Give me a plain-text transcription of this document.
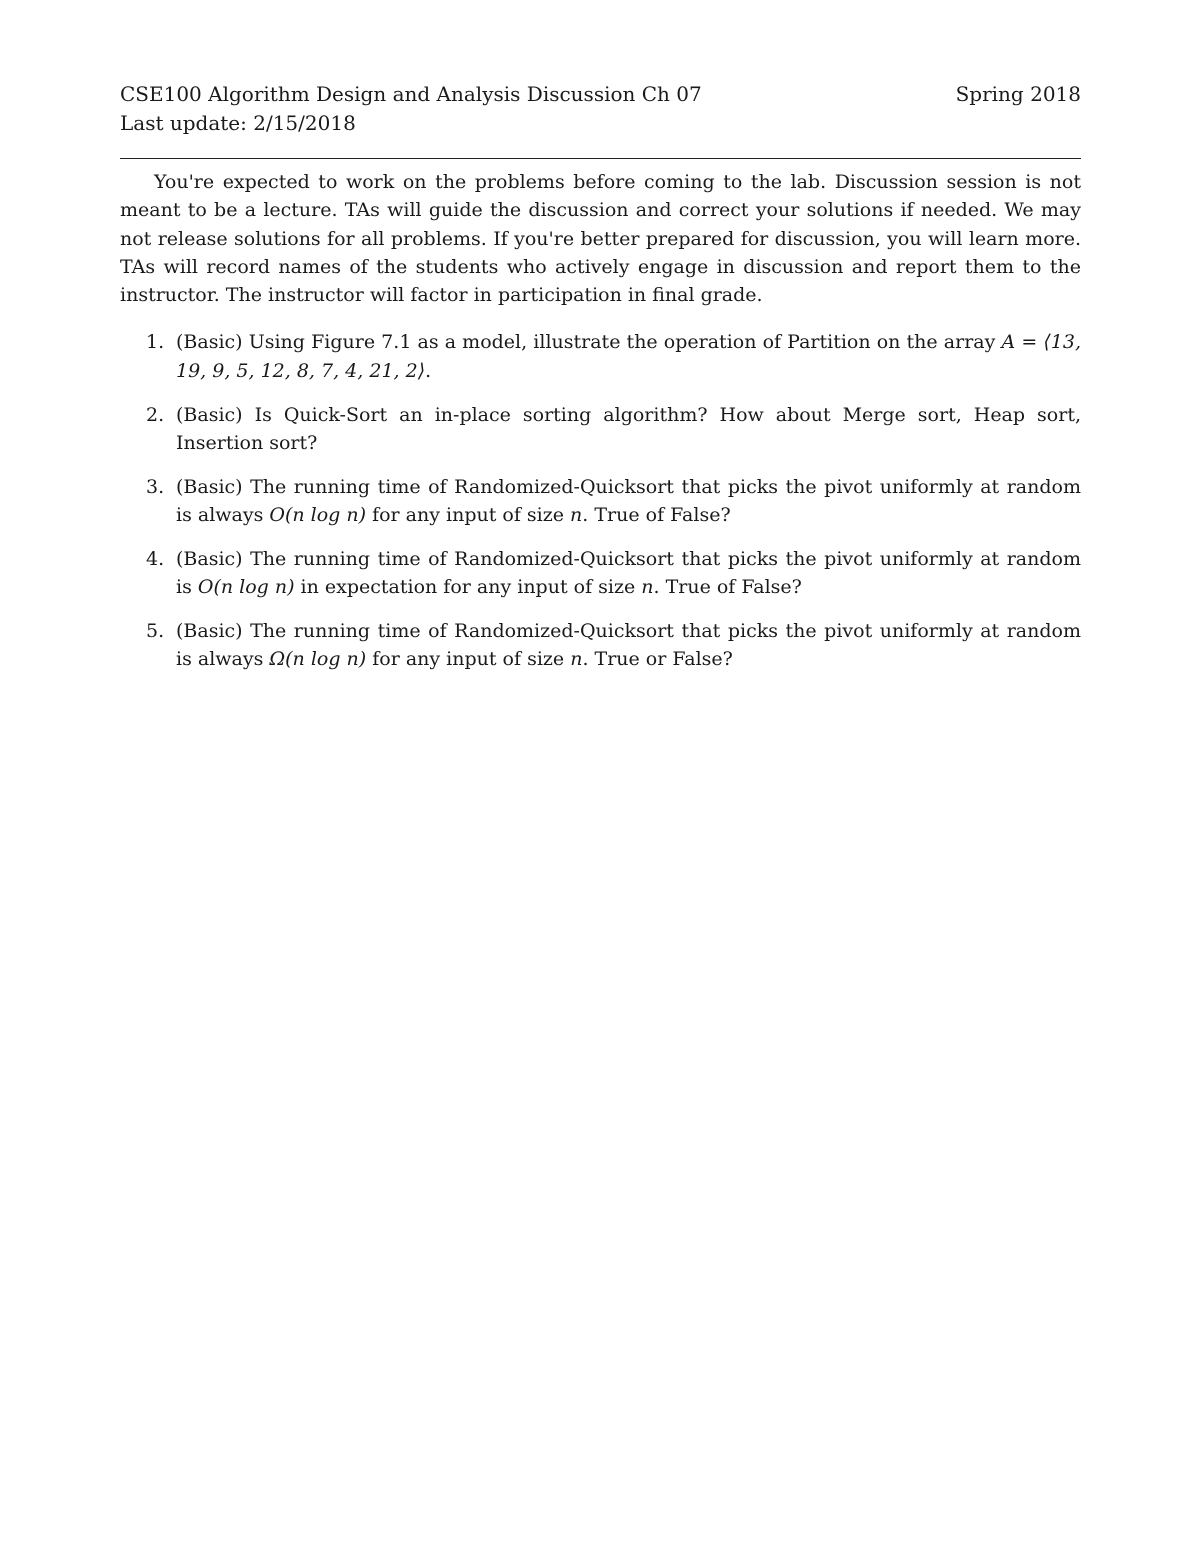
CSE100 Algorithm Design and Analysis Discussion Ch 07	Spring 2018
Last update: 2/15/2018

You're expected to work on the problems before coming to the lab. Discussion session is not meant to be a lecture. TAs will guide the discussion and correct your solutions if needed. We may not release solutions for all problems. If you're better prepared for discussion, you will learn more. TAs will record names of the students who actively engage in discussion and report them to the instructor. The instructor will factor in participation in final grade.

1. (Basic) Using Figure 7.1 as a model, illustrate the operation of Partition on the array A = ⟨13, 19, 9, 5, 12, 8, 7, 4, 21, 2⟩.
2. (Basic) Is Quick-Sort an in-place sorting algorithm? How about Merge sort, Heap sort, Insertion sort?
3. (Basic) The running time of Randomized-Quicksort that picks the pivot uniformly at random is always O(n log n) for any input of size n. True of False?
4. (Basic) The running time of Randomized-Quicksort that picks the pivot uniformly at random is O(n log n) in expectation for any input of size n. True of False?
5. (Basic) The running time of Randomized-Quicksort that picks the pivot uniformly at random is always Ω(n log n) for any input of size n. True or False?
